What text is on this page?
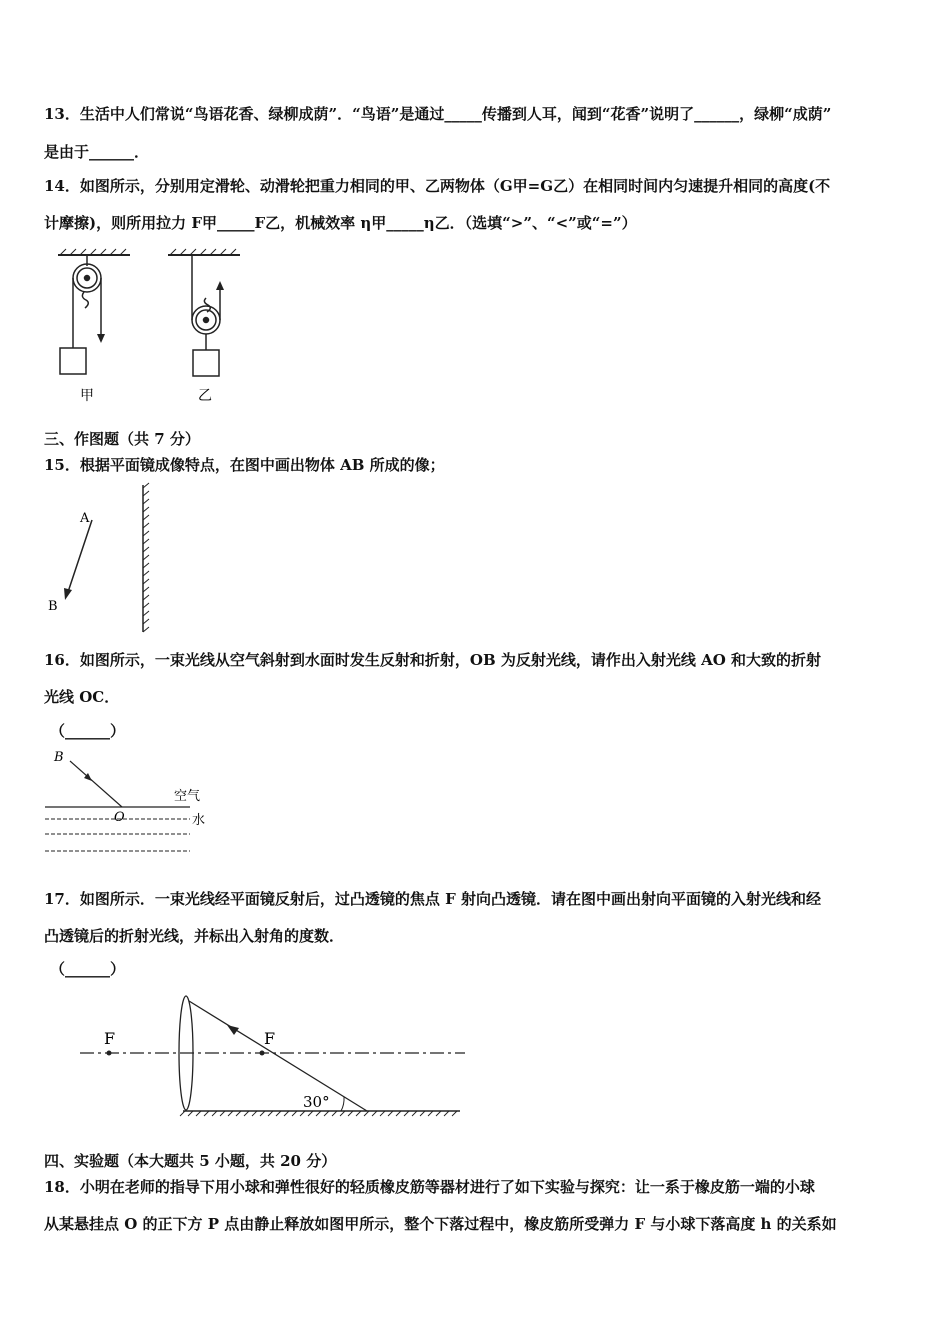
13．生活中人们常说“鸟语花香、绿柳成荫”．“鸟语”是通过_____传播到人耳，闻到“花香”说明了______，绿柳“成荫”
是由于______．
14．如图所示，分别用定滑轮、动滑轮把重力相同的甲、乙两物体（G甲=G乙）在相同时间内匀速提升相同的高度(不
计摩擦)，则所用拉力 F甲_____F乙，机械效率 η甲_____η乙．（选填“>”、“<”或“=”）
甲	乙
三、作图题（共 7 分）
15．根据平面镜成像特点，在图中画出物体 AB 所成的像；
A
B
16．如图所示，一束光线从空气斜射到水面时发生反射和折射，OB 为反射光线，请作出入射光线 AO 和大致的折射
光线 OC．
（______）
B
O
空气
水
17．如图所示．一束光线经平面镜反射后，过凸透镜的焦点 F 射向凸透镜．请在图中画出射向平面镜的入射光线和经
凸透镜后的折射光线，并标出入射角的度数．
（______）
F	F
30°
四、实验题（本大题共 5 小题，共 20 分）
18．小明在老师的指导下用小球和弹性很好的轻质橡皮筋等器材进行了如下实验与探究：让一系于橡皮筋一端的小球
从某悬挂点 O 的正下方 P 点由静止释放如图甲所示，整个下落过程中，橡皮筋所受弹力 F 与小球下落高度 h 的关系如
